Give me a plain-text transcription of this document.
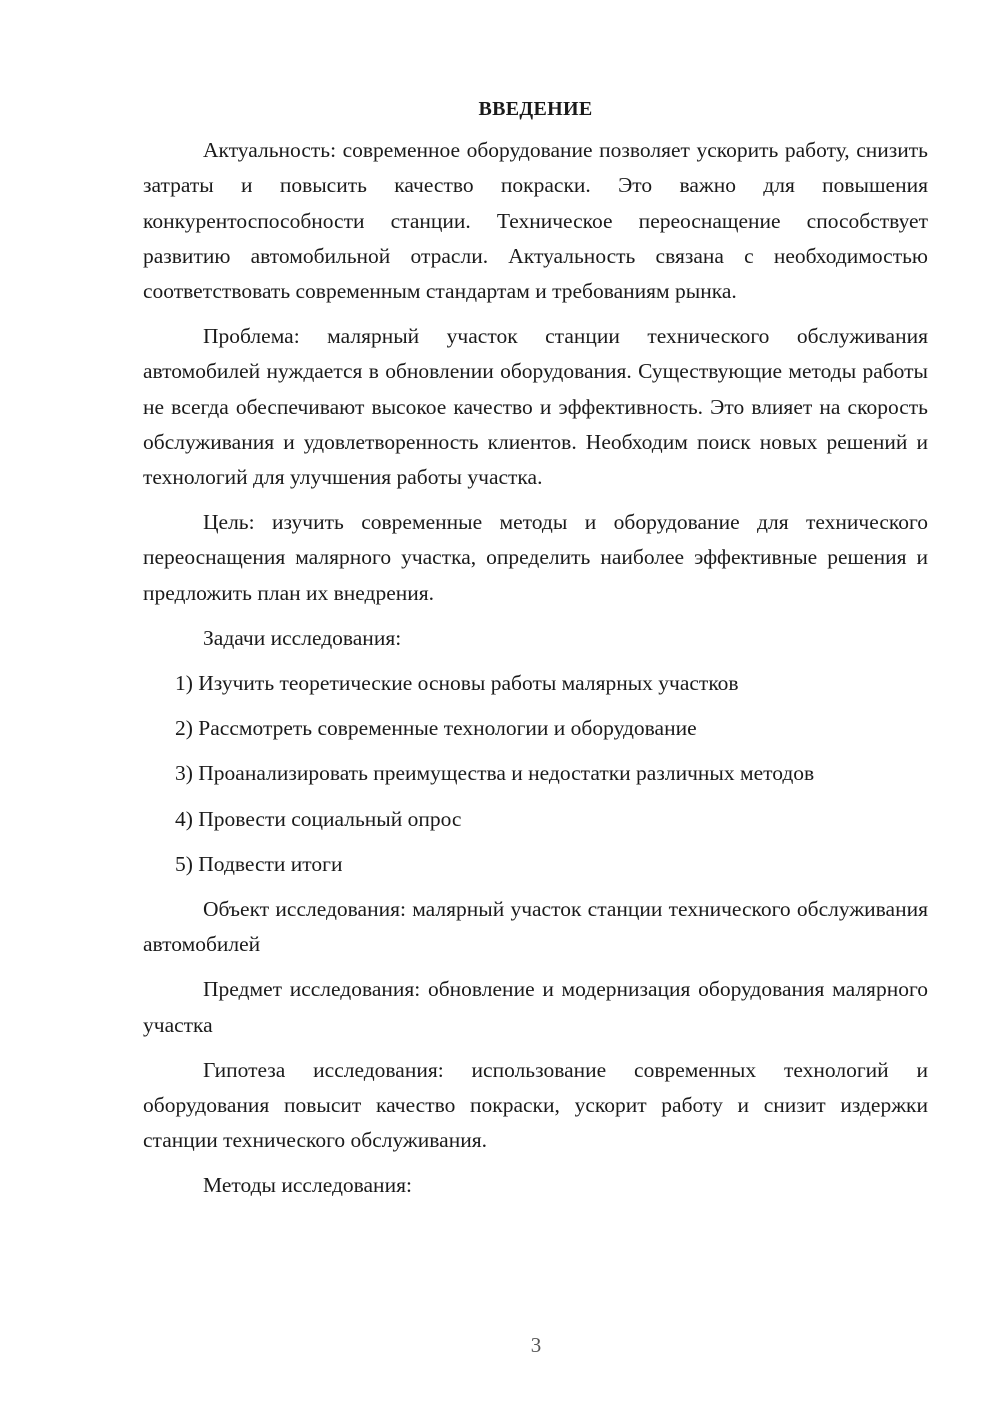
ВВЕДЕНИЕ

Актуальность: современное оборудование позволяет ускорить работу, снизить затраты и повысить качество покраски. Это важно для повышения конкурентоспособности станции. Техническое переоснащение способствует развитию автомобильной отрасли. Актуальность связана с необходимостью соответствовать современным стандартам и требованиям рынка.

Проблема: малярный участок станции технического обслуживания автомобилей нуждается в обновлении оборудования. Существующие методы работы не всегда обеспечивают высокое качество и эффективность. Это влияет на скорость обслуживания и удовлетворенность клиентов. Необходим поиск новых решений и технологий для улучшения работы участка.

Цель: изучить современные методы и оборудование для технического переоснащения малярного участка, определить наиболее эффективные решения и предложить план их внедрения.

Задачи исследования:

1) Изучить теоретические основы работы малярных участков
2) Рассмотреть современные технологии и оборудование
3) Проанализировать преимущества и недостатки различных методов
4) Провести социальный опрос
5) Подвести итоги

Объект исследования: малярный участок станции технического обслуживания автомобилей

Предмет исследования: обновление и модернизация оборудования малярного участка

Гипотеза исследования: использование современных технологий и оборудования повысит качество покраски, ускорит работу и снизит издержки станции технического обслуживания.

Методы исследования:

3
